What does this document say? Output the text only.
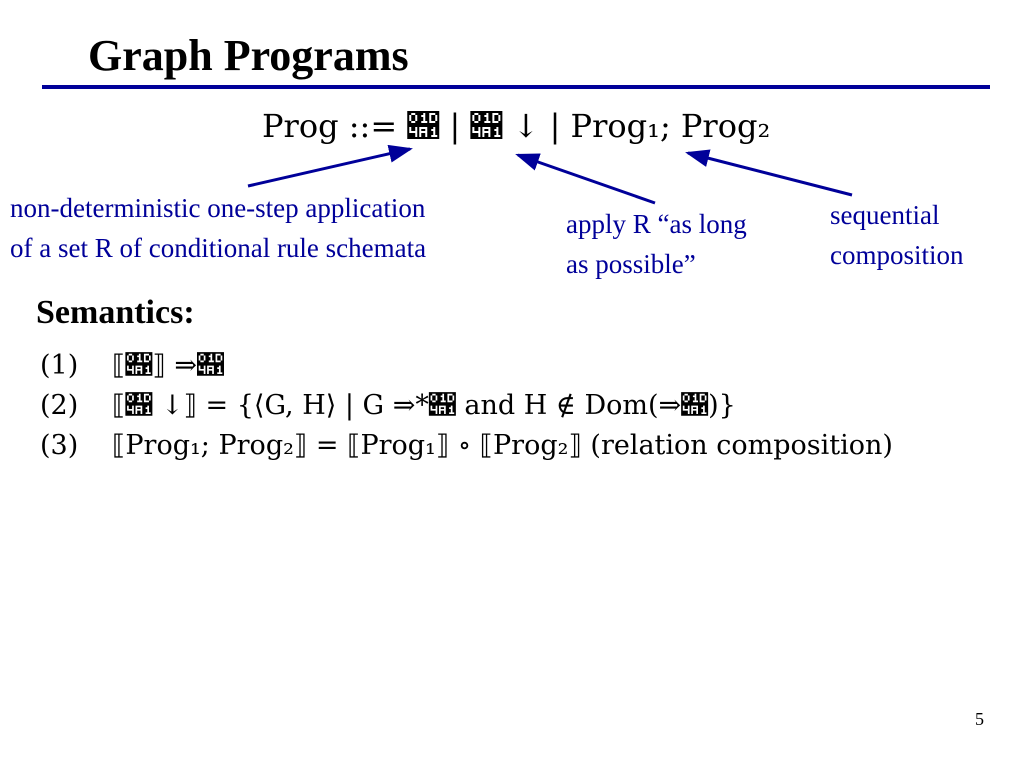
Graph Programs
Prog ::= 𝒡 | 𝒡 ↓ | Prog₁; Prog₂
non-deterministic one-step application
of a set R of conditional rule schemata
apply R “as long
as possible”
sequential
composition
Semantics:
(1) ⟦𝒡⟧ ⇒𝒡
(2) ⟦𝒡 ↓⟧ = {⟨G, H⟩ | G ⇒*𝒡 and H ∉ Dom(⇒𝒡)}
(3) ⟦Prog₁; Prog₂⟧ = ⟦Prog₁⟧ ∘ ⟦Prog₂⟧ (relation composition)
5
